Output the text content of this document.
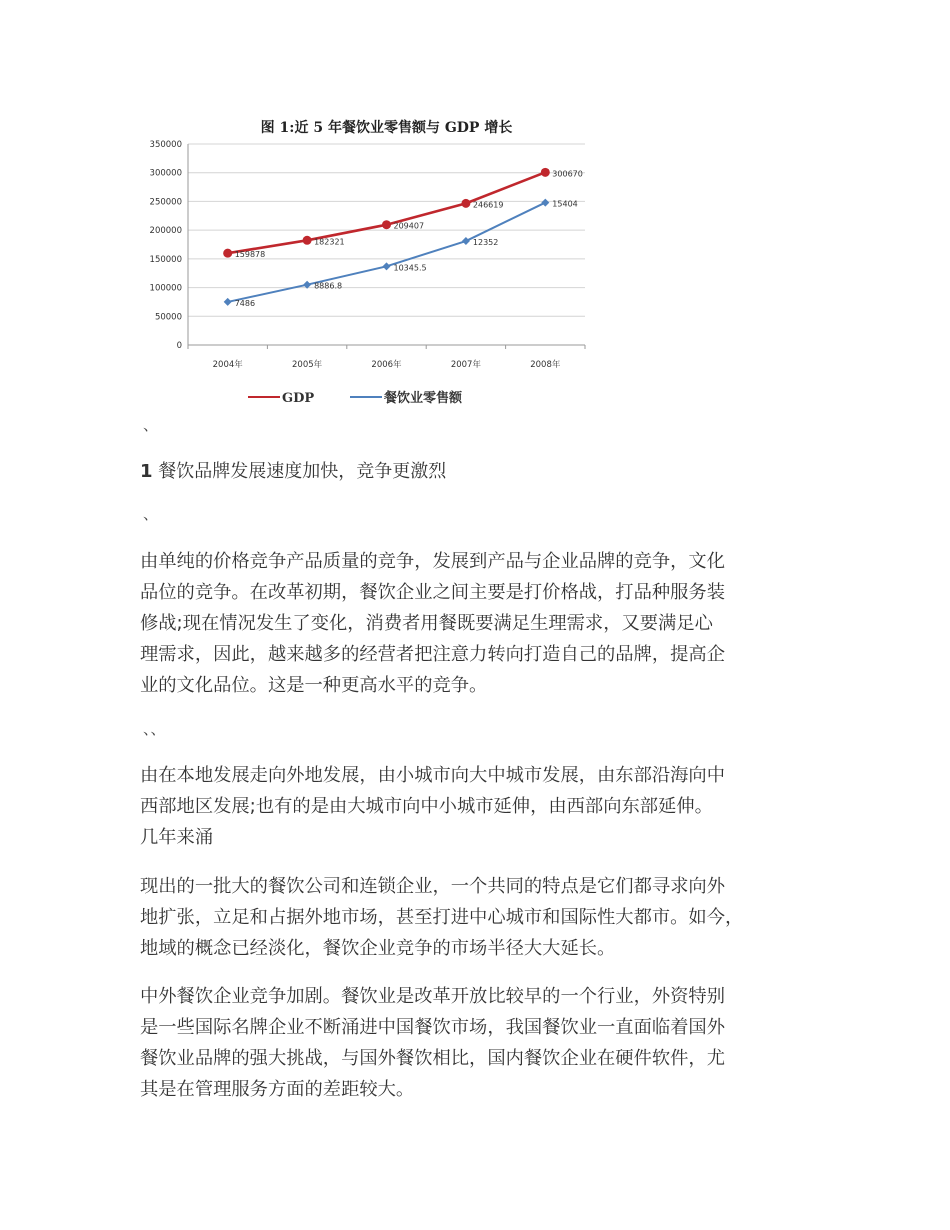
图 1:近 5 年餐饮业零售额与 GDP 增长
350000
300000
250000
200000
150000
100000
50000
0
2004年	2005年	2006年	2007年	2008年
159878
182321
209407
246619
300670
7486
8886.8
10345.5
12352
15404
GDP	餐饮业零售额
、

1 餐饮品牌发展速度加快，竞争更激烈

、
由单纯的价格竞争产品质量的竞争，发展到产品与企业品牌的竞争，文化
品位的竞争。在改革初期，餐饮企业之间主要是打价格战，打品种服务装
修战;现在情况发生了变化，消费者用餐既要满足生理需求，又要满足心
理需求，因此，越来越多的经营者把注意力转向打造自己的品牌，提高企
业的文化品位。这是一种更高水平的竞争。
、、
由在本地发展走向外地发展，由小城市向大中城市发展，由东部沿海向中
西部地区发展;也有的是由大城市向中小城市延伸，由西部向东部延伸。
几年来涌
现出的一批大的餐饮公司和连锁企业，一个共同的特点是它们都寻求向外
地扩张，立足和占据外地市场，甚至打进中心城市和国际性大都市。如今，
地域的概念已经淡化，餐饮企业竞争的市场半径大大延长。
中外餐饮企业竞争加剧。餐饮业是改革开放比较早的一个行业，外资特别
是一些国际名牌企业不断涌进中国餐饮市场，我国餐饮业一直面临着国外
餐饮业品牌的强大挑战，与国外餐饮相比，国内餐饮企业在硬件软件，尤
其是在管理服务方面的差距较大。
